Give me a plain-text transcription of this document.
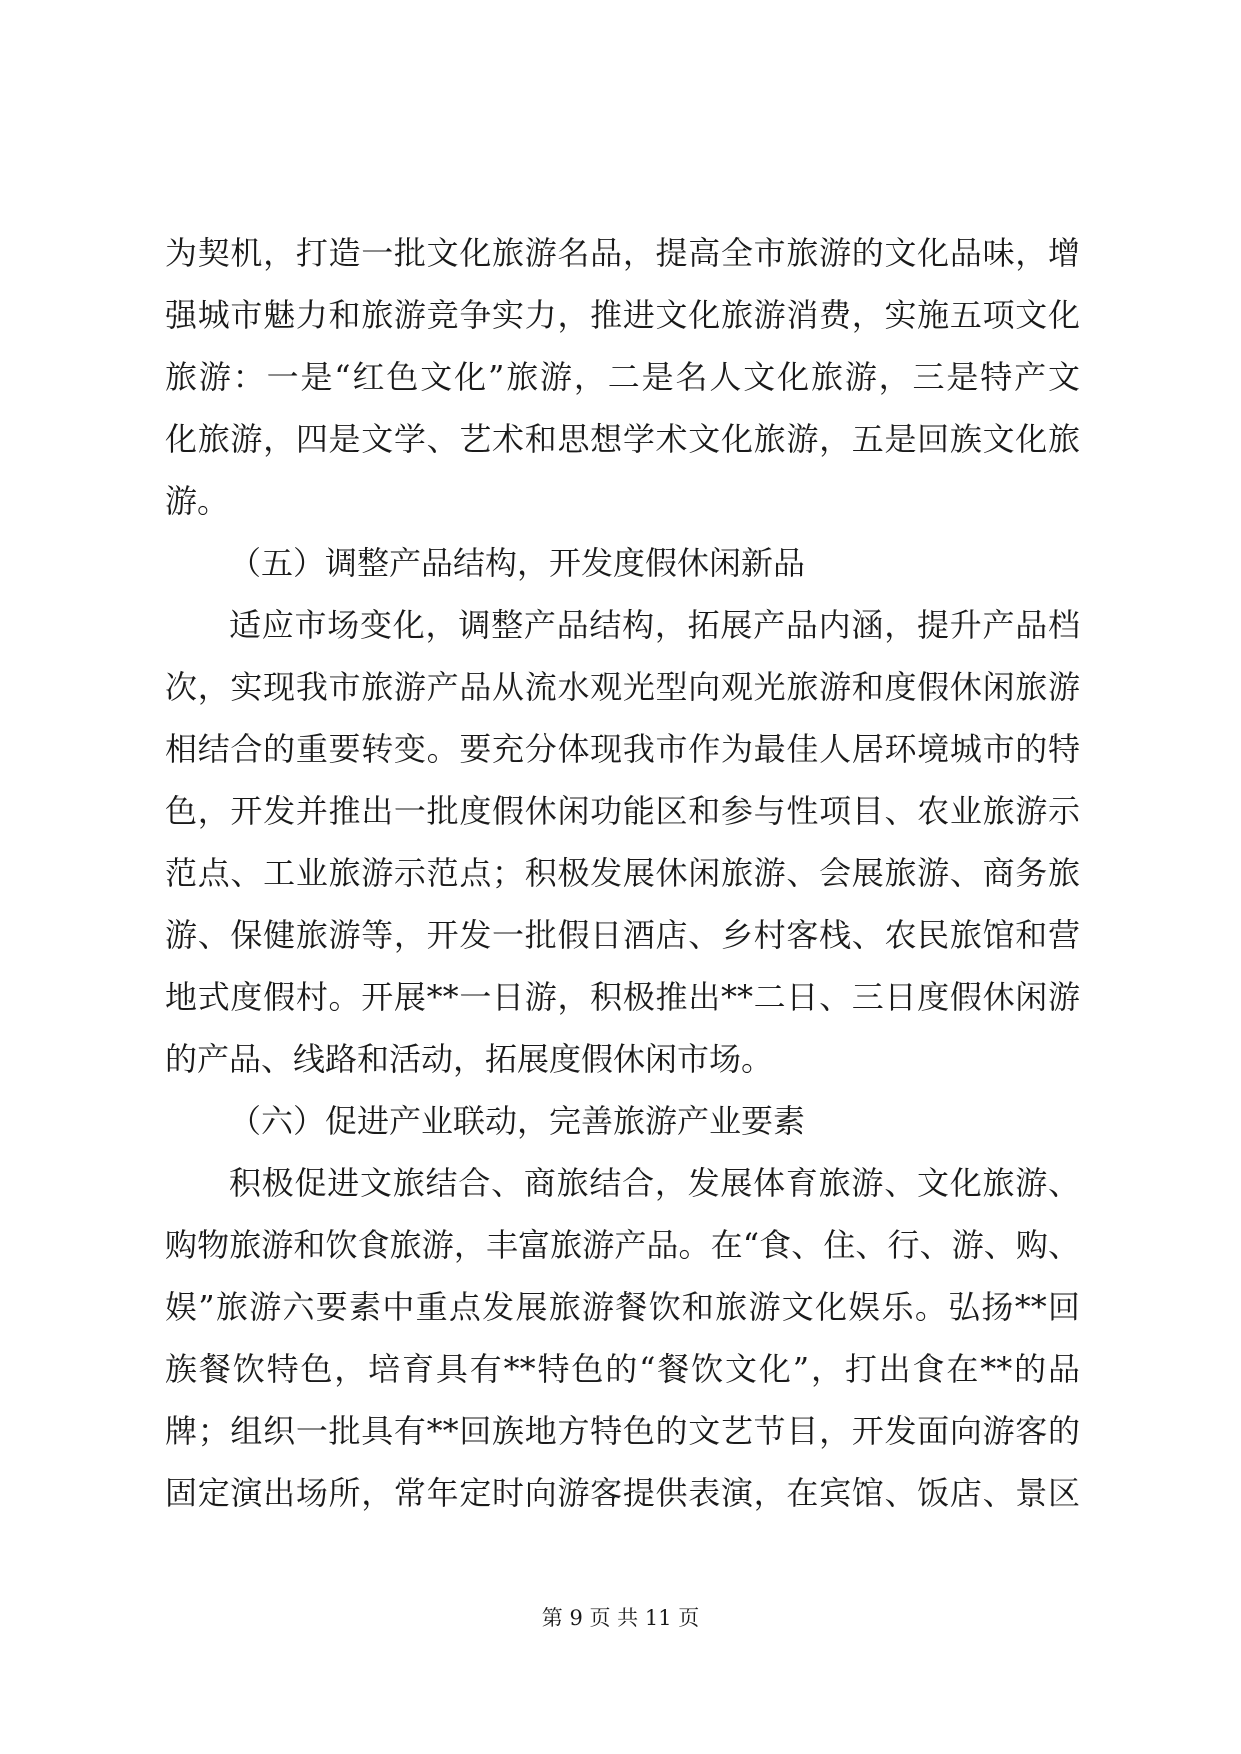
为契机，打造一批文化旅游名品，提高全市旅游的文化品味，增
强城市魅力和旅游竞争实力，推进文化旅游消费，实施五项文化
旅游：一是“红色文化”旅游，二是名人文化旅游，三是特产文
化旅游，四是文学、艺术和思想学术文化旅游，五是回族文化旅
游。
（五）调整产品结构，开发度假休闲新品
适应市场变化，调整产品结构，拓展产品内涵，提升产品档
次，实现我市旅游产品从流水观光型向观光旅游和度假休闲旅游
相结合的重要转变。要充分体现我市作为最佳人居环境城市的特
色，开发并推出一批度假休闲功能区和参与性项目、农业旅游示
范点、工业旅游示范点；积极发展休闲旅游、会展旅游、商务旅
游、保健旅游等，开发一批假日酒店、乡村客栈、农民旅馆和营
地式度假村。开展**一日游，积极推出**二日、三日度假休闲游
的产品、线路和活动，拓展度假休闲市场。
（六）促进产业联动，完善旅游产业要素
积极促进文旅结合、商旅结合，发展体育旅游、文化旅游、
购物旅游和饮食旅游，丰富旅游产品。在“食、住、行、游、购、
娱”旅游六要素中重点发展旅游餐饮和旅游文化娱乐。弘扬**回
族餐饮特色，培育具有**特色的“餐饮文化”，打出食在**的品
牌；组织一批具有**回族地方特色的文艺节目，开发面向游客的
固定演出场所，常年定时向游客提供表演，在宾馆、饭店、景区
第 9 页 共 11 页
